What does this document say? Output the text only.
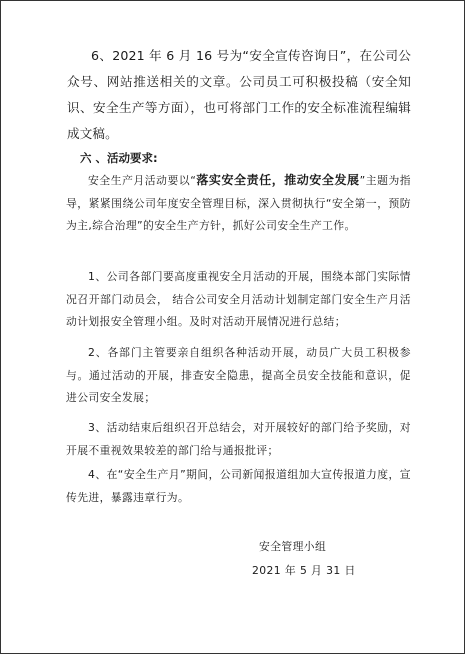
6、2021 年 6 月 16 号为“安全宣传咨询日”，在公司公众号、网站推送相关的文章。公司员工可积极投稿（安全知识、安全生产等方面），也可将部门工作的安全标准流程编辑成文稿。

六 、活动要求:

安全生产月活动要以“落实安全责任，推动安全发展”主题为指导，紧紧围绕公司年度安全管理目标，深入贯彻执行“安全第一，预防为主,综合治理”的安全生产方针，抓好公司安全生产工作。

1、公司各部门要高度重视安全月活动的开展，围绕本部门实际情况召开部门动员会， 结合公司安全月活动计划制定部门安全生产月活动计划报安全管理小组。及时对活动开展情况进行总结；

2、各部门主管要亲自组织各种活动开展，动员广大员工积极参与。通过活动的开展，排查安全隐患，提高全员安全技能和意识，促进公司安全发展；

3、活动结束后组织召开总结会，对开展较好的部门给予奖励，对开展不重视效果较差的部门给与通报批评；

4、在“安全生产月”期间，公司新闻报道组加大宣传报道力度，宣传先进，暴露违章行为。

安全管理小组

2021 年 5 月 31 日
